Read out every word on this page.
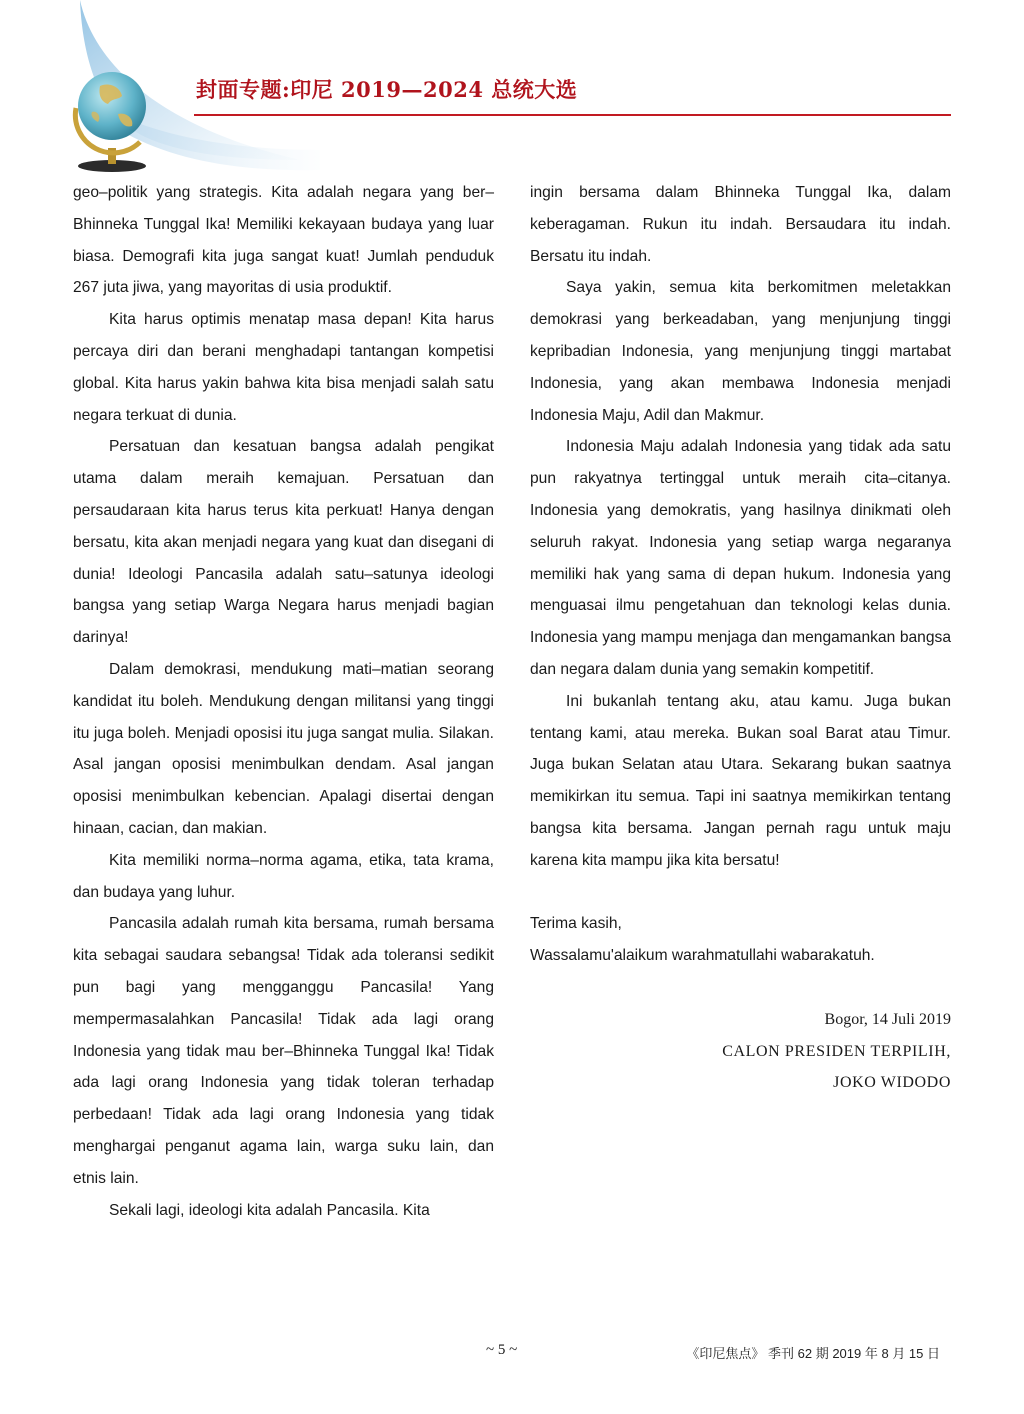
封面专题:印尼 2019—2024 总统大选

geo–politik yang strategis. Kita adalah negara yang ber–Bhinneka Tunggal Ika! Memiliki kekayaan budaya yang luar biasa. Demografi kita juga sangat kuat! Jumlah penduduk 267 juta jiwa, yang mayoritas di usia produktif.

Kita harus optimis menatap masa depan! Kita harus percaya diri dan berani menghadapi tantangan kompetisi global. Kita harus yakin bahwa kita bisa menjadi salah satu negara terkuat di dunia.

Persatuan dan kesatuan bangsa adalah pengikat utama dalam meraih kemajuan. Persatuan dan persaudaraan kita harus terus kita perkuat! Hanya dengan bersatu, kita akan menjadi negara yang kuat dan disegani di dunia! Ideologi Pancasila adalah satu–satunya ideologi bangsa yang setiap Warga Negara harus menjadi bagian darinya!

Dalam demokrasi, mendukung mati–matian seorang kandidat itu boleh. Mendukung dengan militansi yang tinggi itu juga boleh. Menjadi oposisi itu juga sangat mulia. Silakan. Asal jangan oposisi menimbulkan dendam. Asal jangan oposisi menimbulkan kebencian. Apalagi disertai dengan hinaan, cacian, dan makian.

Kita memiliki norma–norma agama, etika, tata krama, dan budaya yang luhur.

Pancasila adalah rumah kita bersama, rumah bersama kita sebagai saudara sebangsa! Tidak ada toleransi sedikit pun bagi yang mengganggu Pancasila! Yang mempermasalahkan Pancasila! Tidak ada lagi orang Indonesia yang tidak mau ber–Bhinneka Tunggal Ika! Tidak ada lagi orang Indonesia yang tidak toleran terhadap perbedaan! Tidak ada lagi orang Indonesia yang tidak menghargai penganut agama lain, warga suku lain, dan etnis lain.

Sekali lagi, ideologi kita adalah Pancasila. Kita

ingin bersama dalam Bhinneka Tunggal Ika, dalam keberagaman. Rukun itu indah. Bersaudara itu indah. Bersatu itu indah.

Saya yakin, semua kita berkomitmen meletakkan demokrasi yang berkeadaban, yang menjunjung tinggi kepribadian Indonesia, yang menjunjung tinggi martabat Indonesia, yang akan membawa Indonesia menjadi Indonesia Maju, Adil dan Makmur.

Indonesia Maju adalah Indonesia yang tidak ada satu pun rakyatnya tertinggal untuk meraih cita–citanya. Indonesia yang demokratis, yang hasilnya dinikmati oleh seluruh rakyat. Indonesia yang setiap warga negaranya memiliki hak yang sama di depan hukum. Indonesia yang menguasai ilmu pengetahuan dan teknologi kelas dunia. Indonesia yang mampu menjaga dan mengamankan bangsa dan negara dalam dunia yang semakin kompetitif.

Ini bukanlah tentang aku, atau kamu. Juga bukan tentang kami, atau mereka. Bukan soal Barat atau Timur. Juga bukan Selatan atau Utara. Sekarang bukan saatnya memikirkan itu semua. Tapi ini saatnya memikirkan tentang bangsa kita bersama. Jangan pernah ragu untuk maju karena kita mampu jika kita bersatu!

Terima kasih,
Wassalamu'alaikum warahmatullahi wabarakatuh.

Bogor, 14 Juli 2019
CALON PRESIDEN TERPILIH,
JOKO WIDODO
~ 5 ~	《印尼焦点》 季刊 62 期 2019 年 8 月 15 日
